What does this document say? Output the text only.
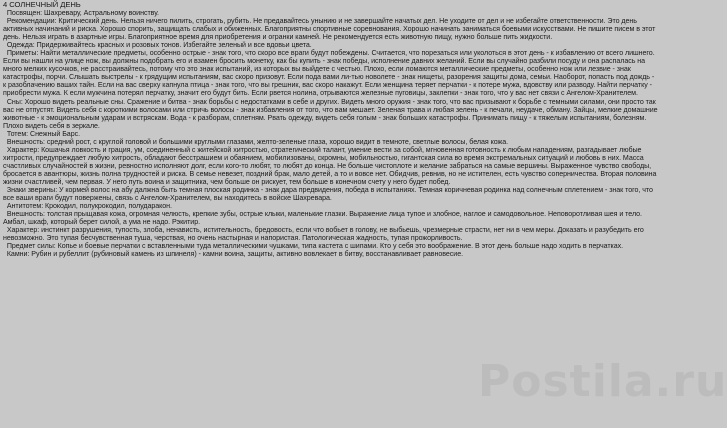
4 СОЛНЕЧНЫЙ ДЕНЬ

Посвящен: Шахревару, Астральному воинству.

Рекомендации: Критический день. Нельзя ничего пилить, строгать, рубить. Не предавайтесь унынию и не завершайте начатых дел. Не уходите от дел и не избегайте ответственности. Это день активных начинаний и риска. Хорошо спорить, защищать слабых и обиженных. Благоприятны спортивные соревнования. Хорошо начинать заниматься боевыми искусствами. Не пишите писем в этот день. Нельзя играть в азартные игры. Благоприятное время для приобретения и огранки камней. Не рекомендуется есть животную пищу, нужно больше пить жидкости.

Одежда: Придерживайтесь красных и розовых тонов. Избегайте зеленый и все вдовьи цвета.

Приметы: Найти металлические предметы, особенно острые - знак того, что скоро все враги будут побеждены. Считается, что порезаться или уколоться в этот день - к избавлению от всего лишнего. Если вы нашли на улице нож, вы должны подобрать его и взамен бросить монетку, как бы купить - знак победы, исполнение давних желаний. Если вы случайно разбили посуду и она распалась на много мелких кусочков, не расстраивайтесь, потому что это знак испытаний, из которых вы выйдете с честью. Плохо, если ломаются металлические предметы, особенно нож или лезвие - знак катастрофы, порчи. Слышать выстрелы - к грядущим испытаниям, вас скоро призовут. Если пода вами ли-тью новолете - знак нищеты, разорения защиты дома, семьи. Наоборот, попасть под дождь - к разоблачению ваших тайн. Если на вас сверху капнула птица - знак того, что вы грешник, вас скоро накажут. Если женщина теряет перчатки - к потере мужа, вдовству или разводу. Найти перчатку - приобрести мужа. К если мужчина потерял перчатку, значит его будут бить. Если рвется нолина, отрываются железные пуговицы, заклепки - знак того, что у вас нет связи с Ангелом-Хранителем.

Сны: Хорошо видеть реальные сны. Сражение и битва - знак борьбы с недостатками в себе и других. Видеть много оружия - знак того, что вас призывают к борьбе с темными силами, они просто так вас не отпустят. Видеть себя с короткими волосами или стричь волосы - знак избавления от того, что вам мешает. Зеленая трава и любая зелень - к печали, неудаче, обману. Зайцы, мелкие домашние животные - к эмоциональным ударам и встряскам. Вода - к разборам, сплетням. Рвать одежду, видеть себя голым - знак больших катастрофы. Принимать пищу - к тяжелым испытаниям, болезням. Плохо видеть себя в зеркале.

Тотем: Снежный Барс.

Внешность: средний рост, с круглой головой и большими круглыми глазами, желто-зеленые глаза, хорошо видит в темноте, светлые волосы, белая кожа.

Характер: Кошачья ловкость и грация, ум, соединенный с житейской хитростью, стратегический талант, умение вести за собой, мгновенная готовность к любым нападениям, разгадывает любые хитрости, предупреждает любую хитрость, обладают бесстрашием и обаянием, мобилизованы, скромны, мобильностью, гигантская сила во время экстремальных ситуаций и любовь в них. Масса счастливых случайностей в жизни, ревностно исполняют долг, если кого-то любят, то любят до конца. Не больше чистоплоте и желание забраться на самые вершины. Выраженное чувство свободы, бросается в авантюры, жизнь полна трудностей и риска. В семье невезет, поздний брак, мало детей, а то и вовсе нет. Обидчив, ревнив, но не истителен, есть чувство соперничества. Вторая половина жизни счастливей, чем первая. У него путь воина и защитника, чем больше он рискует, тем больше в конечном счету у него будет побед.

Знаки зверины: У кормей волос на абу далжна быть темная плоская родинка - знак дара предвидения, победа в испытаниях. Темная коричневая родинка над солнечным сплетением - знак того, что все ваши враги будут повержены, связь с Ангелом-Хранителем, вы находитесь в войске Шахревара.

Антитотем: Крокодил, полукрокодил, полударакон.

Внешность: толстая прыщавая кожа, огромная челюсть, крепкие зубы, острые клыки, маленькие глазки. Выражение лица тупое и злобное, наглое и самодовольное. Неповоротливая шея и тело. Амбал, шкаф, который берет силой, а ума не надо. Рэкитир.

Характер: инстинкт разрушения, тупость, злоба, ненависть, истительность, бредовость, если что вобьет в голову, не выбьешь, чрезмерные страсти, нет ни в чем меры. Доказать и разубедить его невозможно. Это тупая бесчувственная туша, черствая, но очень настырная и напористая. Патологическая жадность, тупая прожорливость.

Предмет силы: Копье и боевые перчатки с вставленными туда металлическими чушками, типа кастета с шипами. Кто у себя это воображение. В этот день больше надо ходить в перчатках.

Камни: Рубин и рубеллит (рубиновый камень из шпинеля) - камни воина, защиты, активно вовлекает в битву, восстанавливает равновесие.

Postila.ru
